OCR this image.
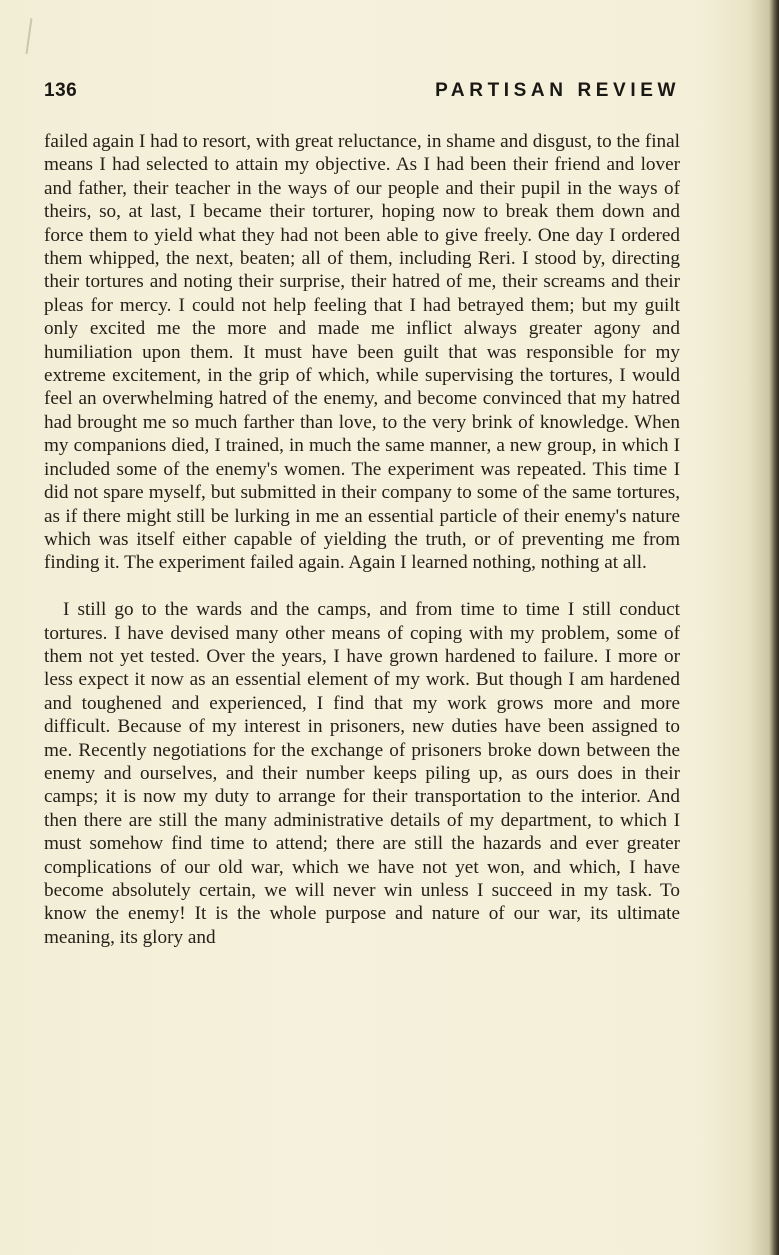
136	PARTISAN REVIEW

failed again I had to resort, with great reluctance, in shame and disgust, to the final means I had selected to attain my objective. As I had been their friend and lover and father, their teacher in the ways of our people and their pupil in the ways of theirs, so, at last, I became their torturer, hoping now to break them down and force them to yield what they had not been able to give freely. One day I ordered them whipped, the next, beaten; all of them, including Reri. I stood by, directing their tortures and noting their surprise, their hatred of me, their screams and their pleas for mercy. I could not help feeling that I had betrayed them; but my guilt only excited me the more and made me inflict always greater agony and humiliation upon them. It must have been guilt that was responsible for my extreme excitement, in the grip of which, while supervising the tortures, I would feel an overwhelming hatred of the enemy, and become convinced that my hatred had brought me so much farther than love, to the very brink of knowledge. When my companions died, I trained, in much the same manner, a new group, in which I included some of the enemy's women. The experiment was repeated. This time I did not spare myself, but submitted in their company to some of the same tortures, as if there might still be lurking in me an essential particle of their enemy's nature which was itself either capable of yielding the truth, or of preventing me from finding it. The experiment failed again. Again I learned nothing, nothing at all.

I still go to the wards and the camps, and from time to time I still conduct tortures. I have devised many other means of coping with my problem, some of them not yet tested. Over the years, I have grown hardened to failure. I more or less expect it now as an essential element of my work. But though I am hardened and toughened and experienced, I find that my work grows more and more difficult. Because of my interest in prisoners, new duties have been assigned to me. Recently negotiations for the exchange of prisoners broke down between the enemy and ourselves, and their number keeps piling up, as ours does in their camps; it is now my duty to arrange for their transportation to the interior. And then there are still the many administrative details of my department, to which I must somehow find time to attend; there are still the hazards and ever greater complications of our old war, which we have not yet won, and which, I have become absolutely certain, we will never win unless I succeed in my task. To know the enemy! It is the whole purpose and nature of our war, its ultimate meaning, its glory and
